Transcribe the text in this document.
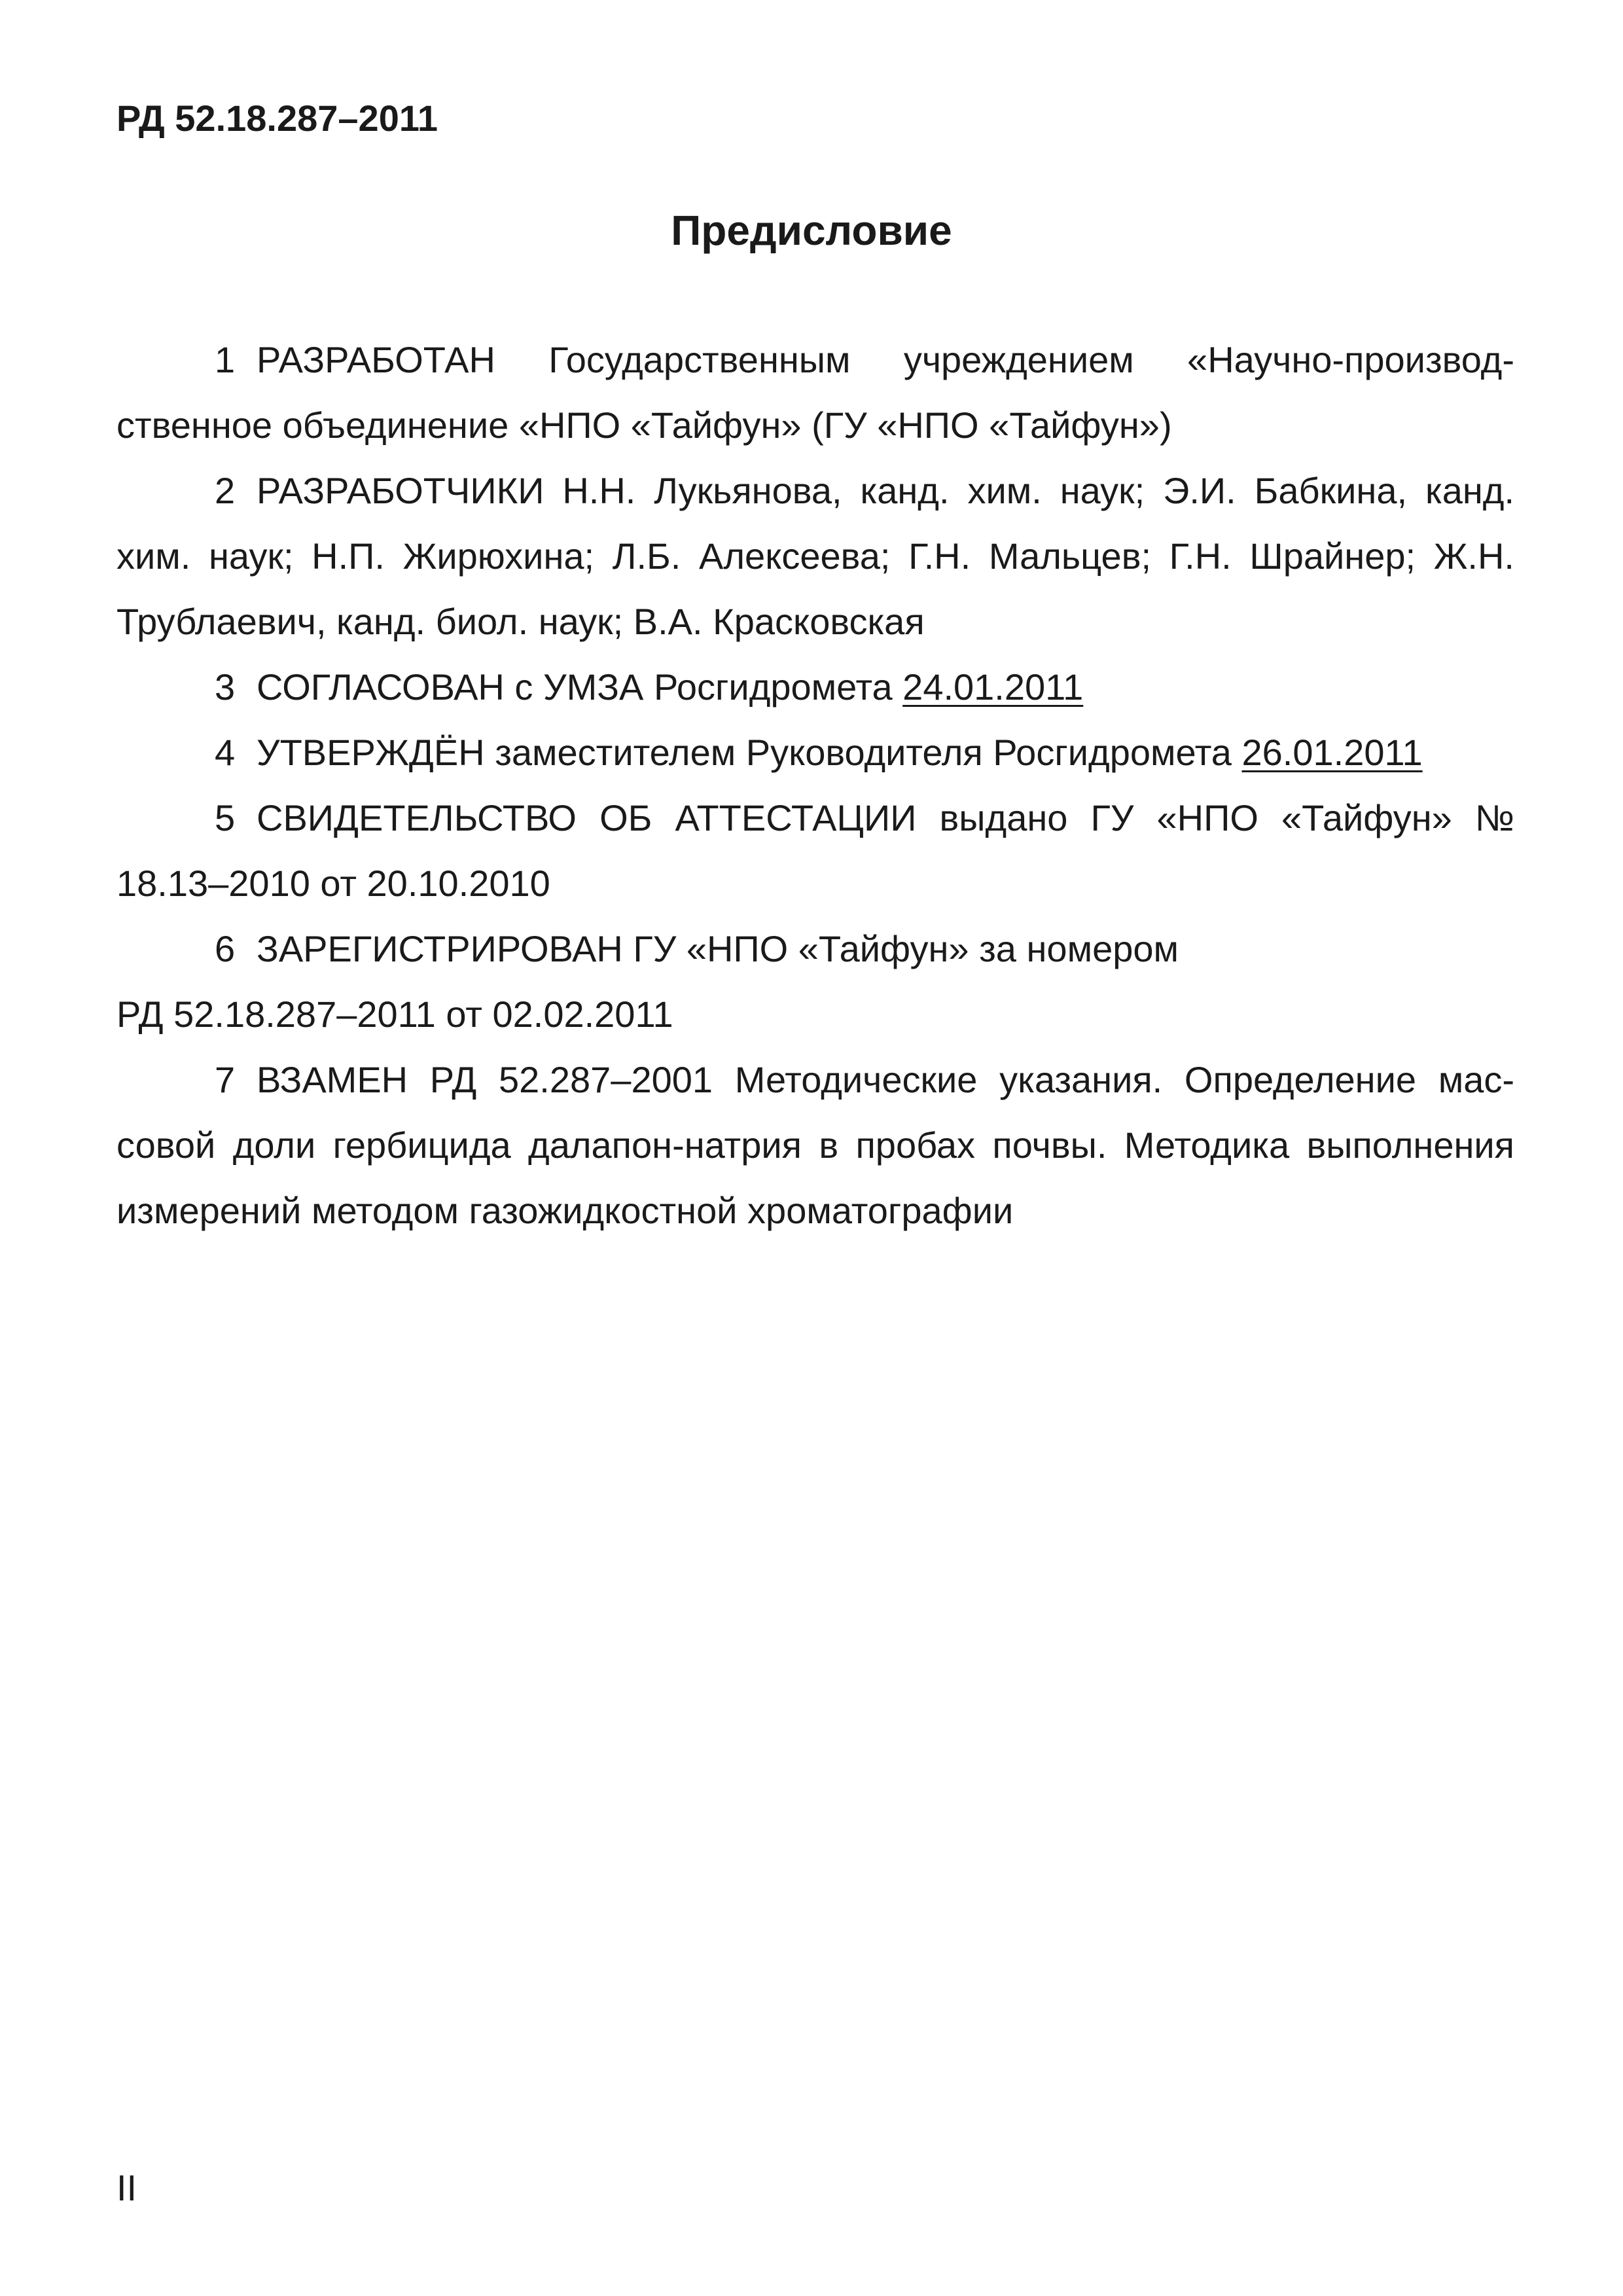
РД 52.18.287–2011
Предисловие

1 РАЗРАБОТАН Государственным учреждением «Научно-производственное объединение «НПО «Тайфун» (ГУ «НПО «Тайфун»)

2 РАЗРАБОТЧИКИ Н.Н. Лукьянова, канд. хим. наук; Э.И. Бабкина, канд. хим. наук; Н.П. Жирюхина; Л.Б. Алексеева; Г.Н. Мальцев; Г.Н. Шрайнер; Ж.Н. Трублаевич, канд. биол. наук; В.А. Красковская

3 СОГЛАСОВАН с УМЗА Росгидромета 24.01.2011

4 УТВЕРЖДЁН заместителем Руководителя Росгидромета 26.01.2011

5 СВИДЕТЕЛЬСТВО ОБ АТТЕСТАЦИИ выдано ГУ «НПО «Тайфун» № 18.13–2010 от 20.10.2010

6 ЗАРЕГИСТРИРОВАН ГУ «НПО «Тайфун» за номером

РД 52.18.287–2011 от 02.02.2011

7 ВЗАМЕН РД 52.287–2001 Методические указания. Определение массовой доли гербицида далапон-натрия в пробах почвы. Методика выполнения измерений методом газожидкостной хроматографии

II
